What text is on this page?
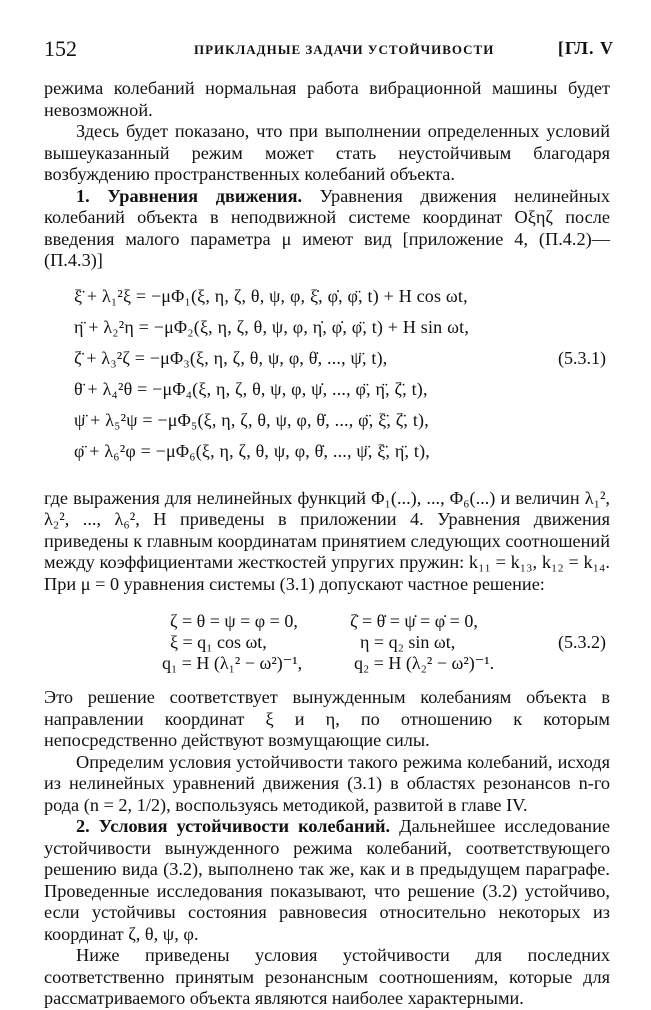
152	ПРИКЛАДНЫЕ ЗАДАЧИ УСТОЙЧИВОСТИ	[ГЛ. V

режима колебаний нормальная работа вибрационной машины будет невозможной.

Здесь будет показано, что при выполнении определенных условий вышеуказанный режим может стать неустойчивым благодаря возбуждению пространственных колебаний объекта.

1. Уравнения движения. Уравнения движения нелинейных колебаний объекта в неподвижной системе координат Oξηζ после введения малого параметра μ имеют вид [приложение 4, (П.4.2)—(П.4.3)]

ξ̈ + λ₁²ξ = −μΦ₁(ξ, η, ζ, θ, ψ, φ, ξ̇, φ̇, φ̈, t) + H cos ωt,
η̈ + λ₂²η = −μΦ₂(ξ, η, ζ, θ, ψ, φ, η̇, φ̇, φ̈, t) + H sin ωt,
ζ̈ + λ₃²ζ = −μΦ₃(ξ, η, ζ, θ, ψ, φ, θ̇, ..., ψ̈, t),
θ̈ + λ₄²θ = −μΦ₄(ξ, η, ζ, θ, ψ, φ, ψ̇, ..., φ̈, η̈, ζ̈, t),
ψ̈ + λ₅²ψ = −μΦ₅(ξ, η, ζ, θ, ψ, φ, θ̇, ..., φ̈, ξ̈, ζ̈, t),
φ̈ + λ₆²φ = −μΦ₆(ξ, η, ζ, θ, ψ, φ, θ̇, ..., ψ̈, ξ̈, η̈, t),
(5.3.1)

где выражения для нелинейных функций Φ₁(...), ..., Φ₆(...) и величин λ₁², λ₂², ..., λ₆², H приведены в приложении 4. Уравнения движения приведены к главным координатам принятием следующих соотношений между коэффициентами жесткостей упругих пружин: k₁₁ = k₁₃, k₁₂ = k₁₄. При μ = 0 уравнения системы (3.1) допускают частное решение:

ζ = θ = ψ = φ = 0,
ξ = q₁ cos ωt,
q₁ = H (λ₁² − ω²)⁻¹,
ζ̇ = θ̇ = ψ̇ = φ̇ = 0,
η = q₂ sin ωt,
q₂ = H (λ₂² − ω²)⁻¹.
(5.3.2)

Это решение соответствует вынужденным колебаниям объекта в направлении координат ξ и η, по отношению к которым непосредственно действуют возмущающие силы.

Определим условия устойчивости такого режима колебаний, исходя из нелинейных уравнений движения (3.1) в областях резонансов n-го рода (n = 2, 1/2), воспользуясь методикой, развитой в главе IV.

2. Условия устойчивости колебаний. Дальнейшее исследование устойчивости вынужденного режима колебаний, соответствующего решению вида (3.2), выполнено так же, как и в предыдущем параграфе. Проведенные исследования показывают, что решение (3.2) устойчиво, если устойчивы состояния равновесия относительно некоторых из координат ζ, θ, ψ, φ.

Ниже приведены условия устойчивости для последних соответственно принятым резонансным соотношениям, которые для рассматриваемого объекта являются наиболее характерными.
